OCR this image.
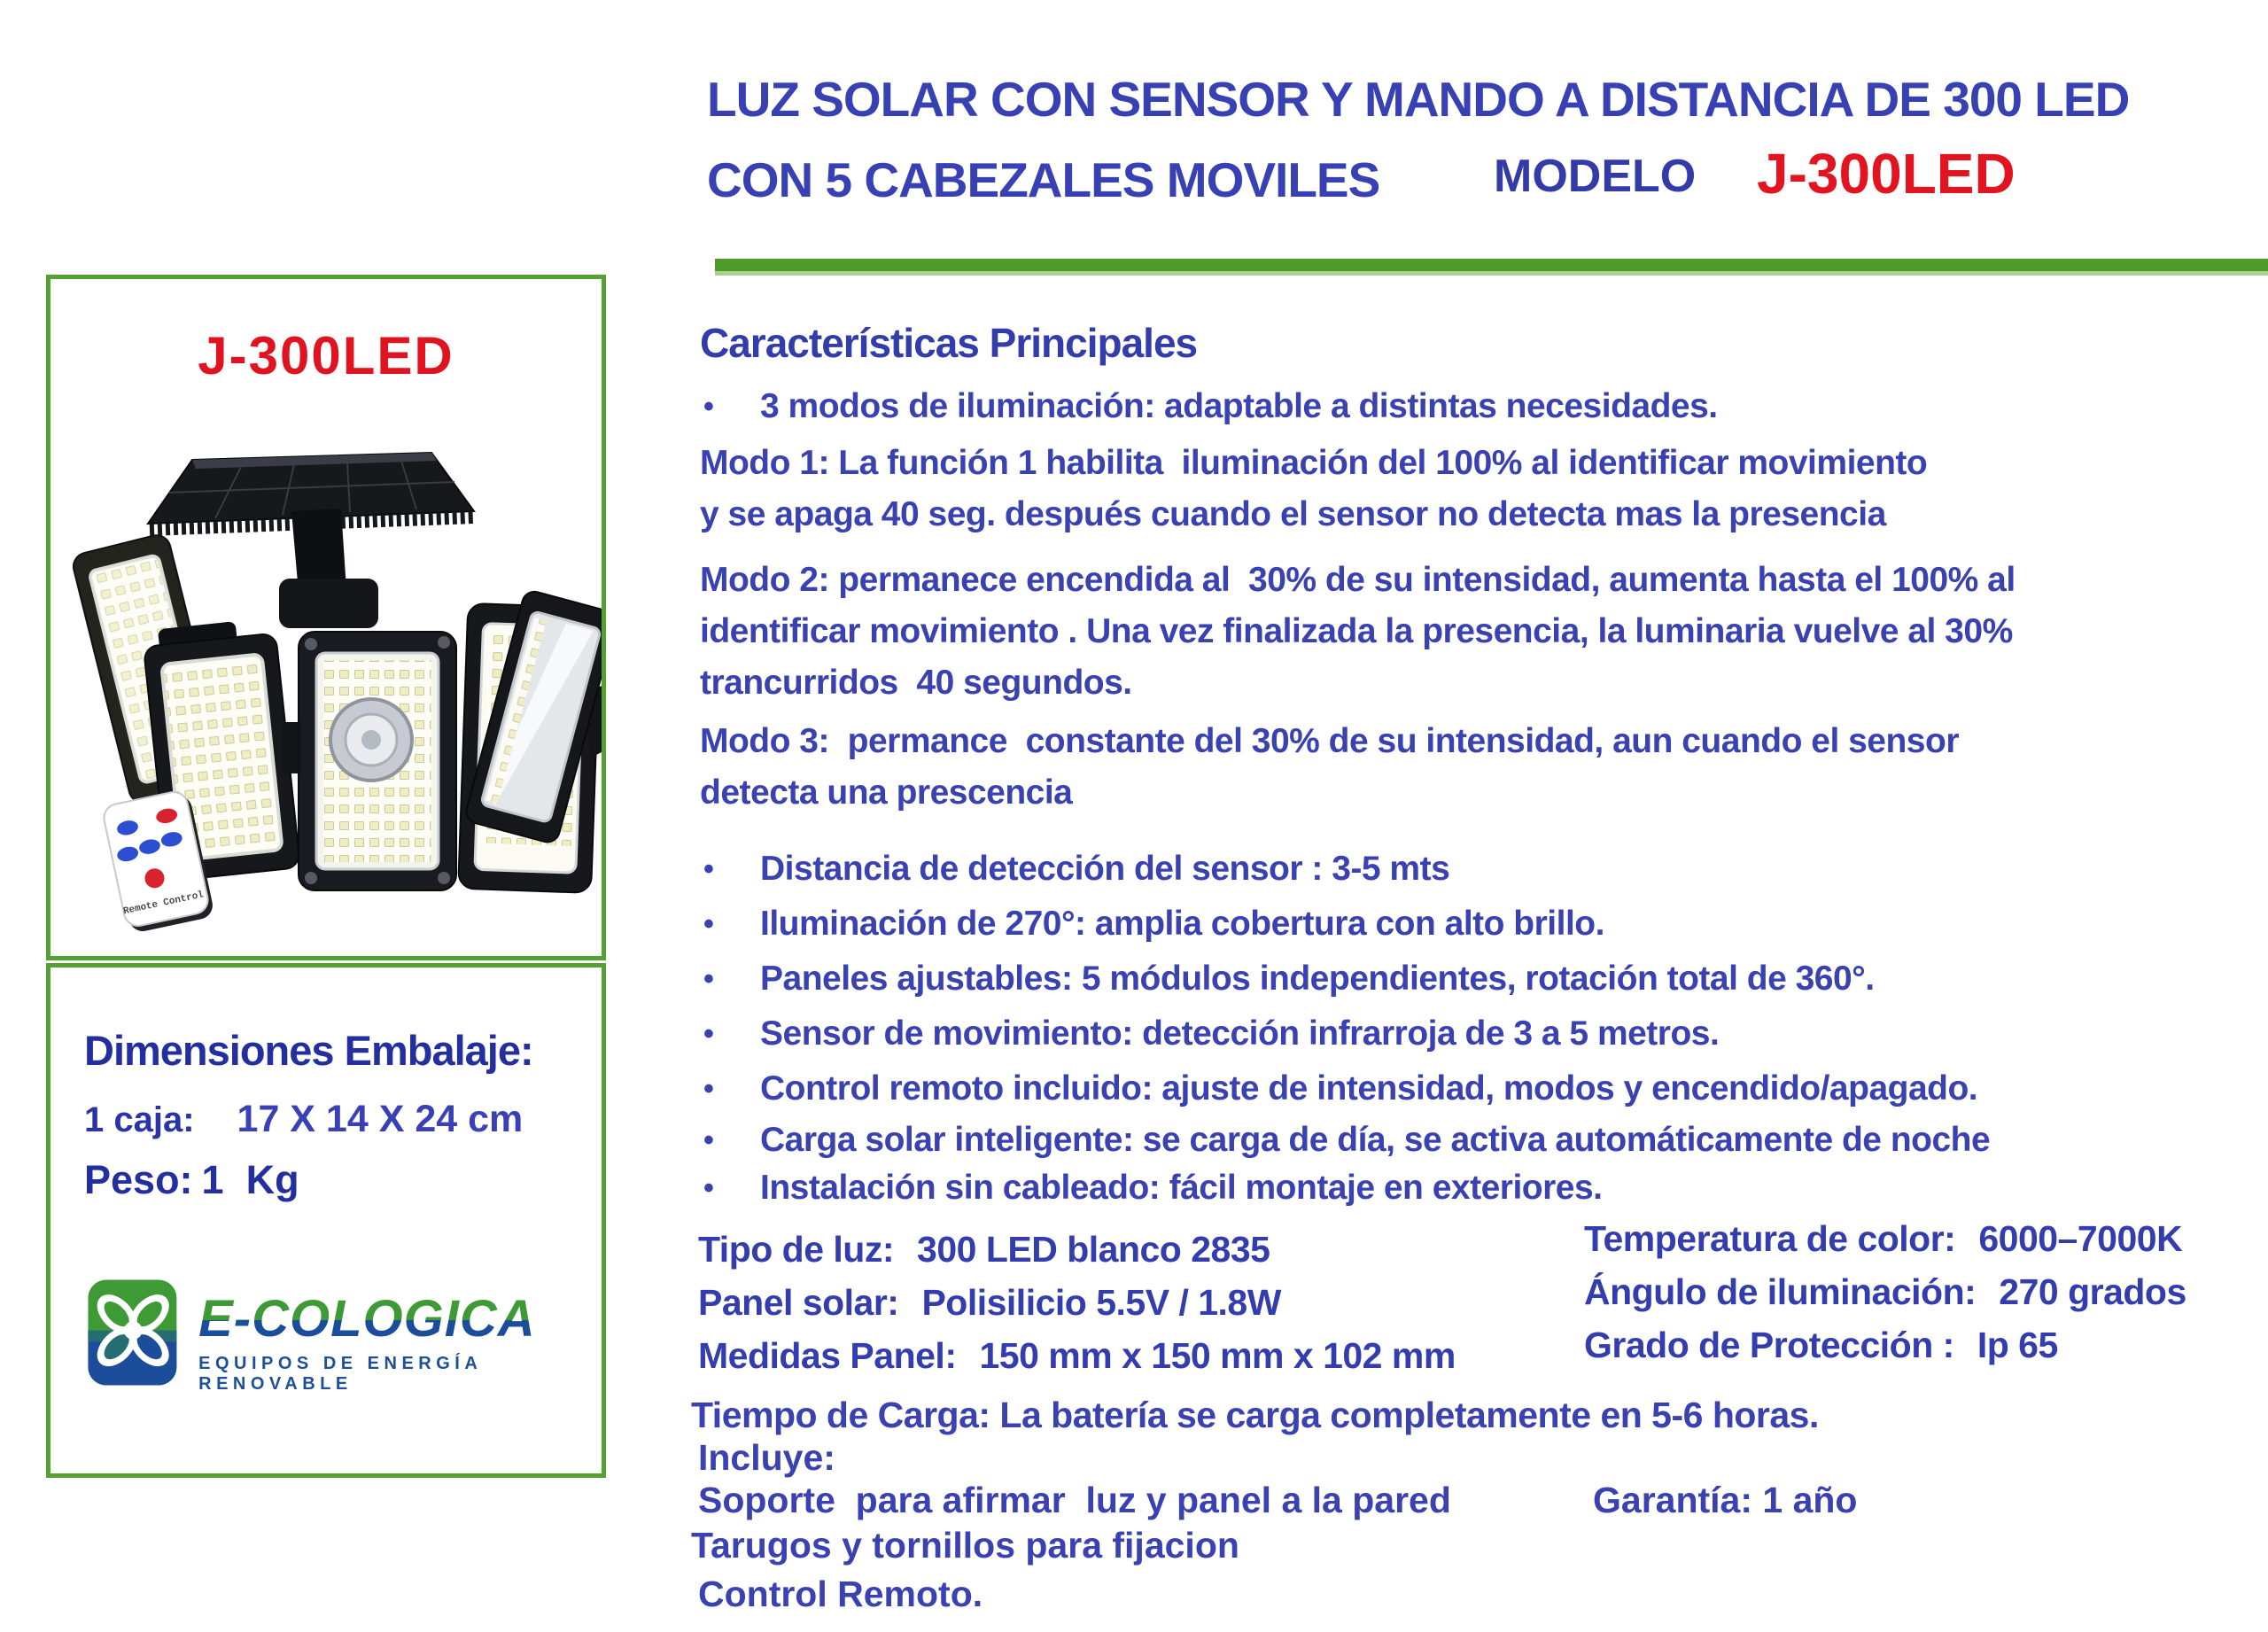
LUZ SOLAR CON SENSOR Y MANDO A DISTANCIA DE 300 LED
CON 5 CABEZALES MOVILES MODELO J-300LED
J-300LED
Remote Control
Dimensiones Embalaje:
1 caja: 17 X 14 X 24 cm
Peso: 1  Kg
E-COLOGICA
EQUIPOS DE ENERGÍA RENOVABLE
Características Principales
•	3 modos de iluminación: adaptable a distintas necesidades.
Modo 1: La función 1 habilita  iluminación del 100% al identificar movimiento
y se apaga 40 seg. después cuando el sensor no detecta mas la presencia
Modo 2: permanece encendida al  30% de su intensidad, aumenta hasta el 100% al
identificar movimiento . Una vez finalizada la presencia, la luminaria vuelve al 30%
trancurridos  40 segundos.
Modo 3:  permance  constante del 30% de su intensidad, aun cuando el sensor
detecta una prescencia
•	Distancia de detección del sensor : 3-5 mts
•	Iluminación de 270°: amplia cobertura con alto brillo.
•	Paneles ajustables: 5 módulos independientes, rotación total de 360°.
•	Sensor de movimiento: detección infrarroja de 3 a 5 metros.
•	Control remoto incluido: ajuste de intensidad, modos y encendido/apagado.
•	Carga solar inteligente: se carga de día, se activa automáticamente de noche
•	Instalación sin cableado: fácil montaje en exteriores.
Tipo de luz: 300 LED blanco 2835
Panel solar: Polisilicio 5.5V / 1.8W
Medidas Panel: 150 mm x 150 mm x 102 mm
Temperatura de color: 6000–7000K
Ángulo de iluminación: 270 grados
Grado de Protección : Ip 65
Tiempo de Carga: La batería se carga completamente en 5-6 horas.
Incluye:
Soporte  para afirmar  luz y panel a la pared	Garantía: 1 año
Tarugos y tornillos para fijacion
Control Remoto.
